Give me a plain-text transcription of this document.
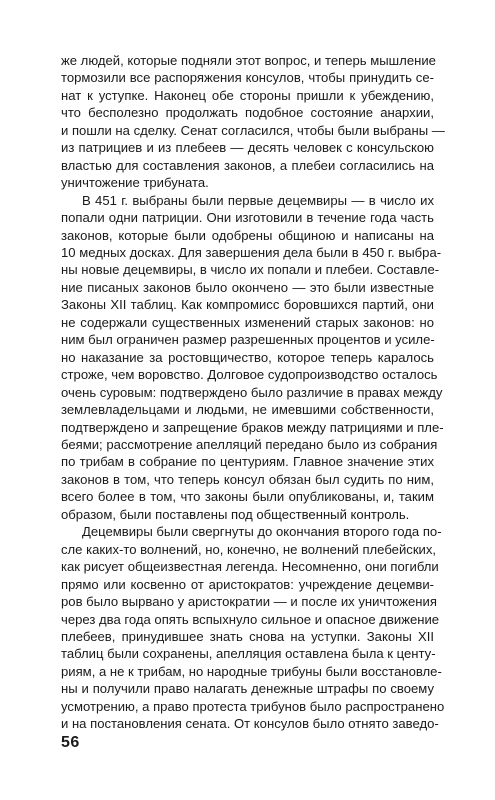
же людей, которые подняли этот вопрос, и теперь мышление
тормозили все распоряжения консулов, чтобы принудить се-
нат к уступке. Наконец обе стороны пришли к убеждению,
что бесполезно продолжать подобное состояние анархии,
и пошли на сделку. Сенат согласился, чтобы были выбраны —
из патрициев и из плебеев — десять человек с консульскою
властью для составления законов, а плебеи согласились на
уничтожение трибуната.

В 451 г. выбраны были первые децемвиры — в число их
попали одни патриции. Они изготовили в течение года часть
законов, которые были одобрены общиною и написаны на
10 медных досках. Для завершения дела были в 450 г. выбра-
ны новые децемвиры, в число их попали и плебеи. Составле-
ние писаных законов было окончено — это были известные
Законы XII таблиц. Как компромисс боровшихся партий, они
не содержали существенных изменений старых законов: но
ним был ограничен размер разрешенных процентов и усиле-
но наказание за ростовщичество, которое теперь каралось
строже, чем воровство. Долговое судопроизводство осталось
очень суровым: подтверждено было различие в правах между
землевладельцами и людьми, не имевшими собственности,
подтверждено и запрещение браков между патрициями и пле-
беями; рассмотрение апелляций передано было из собрания
по трибам в собрание по центуриям. Главное значение этих
законов в том, что теперь консул обязан был судить по ним,
всего более в том, что законы были опубликованы, и, таким
образом, были поставлены под общественный контроль.

Децемвиры были свергнуты до окончания второго года по-
сле каких-то волнений, но, конечно, не волнений плебейских,
как рисует общеизвестная легенда. Несомненно, они погибли
прямо или косвенно от аристократов: учреждение децемви-
ров было вырвано у аристократии — и после их уничтожения
через два года опять вспыхнуло сильное и опасное движение
плебеев, принудившее знать снова на уступки. Законы XII
таблиц были сохранены, апелляция оставлена была к центу-
риям, а не к трибам, но народные трибуны были восстановле-
ны и получили право налагать денежные штрафы по своему
усмотрению, а право протеста трибунов было распространено
и на постановления сената. От консулов было отнято заведо-

56
